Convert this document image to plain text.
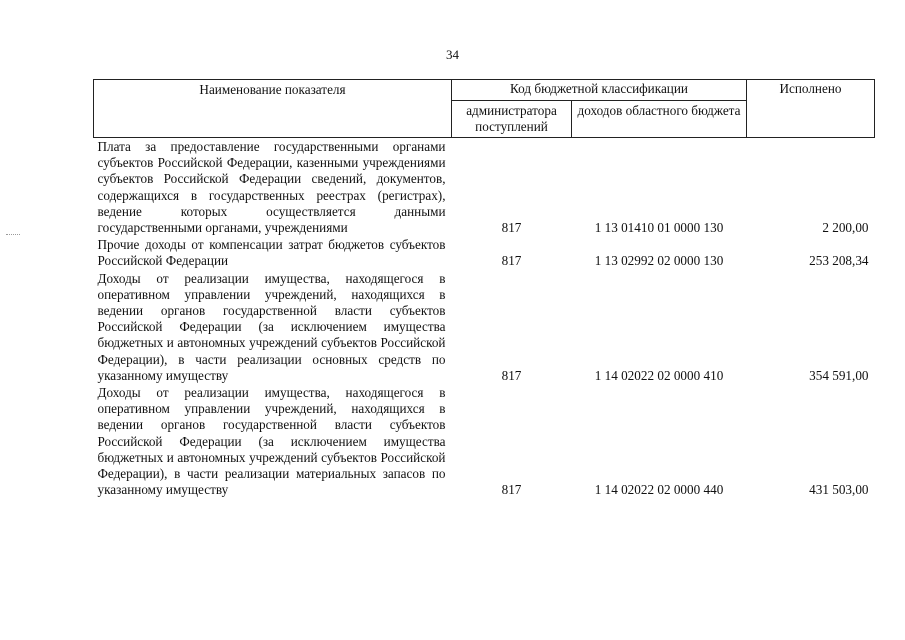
34
Наименование показателя	Код бюджетной классификации		Исполнено
	администратора поступлений	доходов областного бюджета	
Плата за предоставление государственными органами субъектов Российской Федерации, казенными учреждениями субъектов Российской Федерации сведений, документов, содержащихся в государственных реестрах (регистрах), ведение которых осуществляется данными государственными органами, учреждениями	817	1 13 01410 01 0000 130	2 200,00
Прочие доходы от компенсации затрат бюджетов субъектов Российской Федерации	817	1 13 02992 02 0000 130	253 208,34
Доходы от реализации имущества, находящегося в оперативном управлении учреждений, находящихся в ведении органов государственной власти субъектов Российской Федерации (за исключением имущества бюджетных и автономных учреждений субъектов Российской Федерации), в части реализации основных средств по указанному имуществу	817	1 14 02022 02 0000 410	354 591,00
Доходы от реализации имущества, находящегося в оперативном управлении учреждений, находящихся в ведении органов государственной власти субъектов Российской Федерации (за исключением имущества бюджетных и автономных учреждений субъектов Российской Федерации), в части реализации материальных запасов по указанному имуществу	817	1 14 02022 02 0000 440	431 503,00
